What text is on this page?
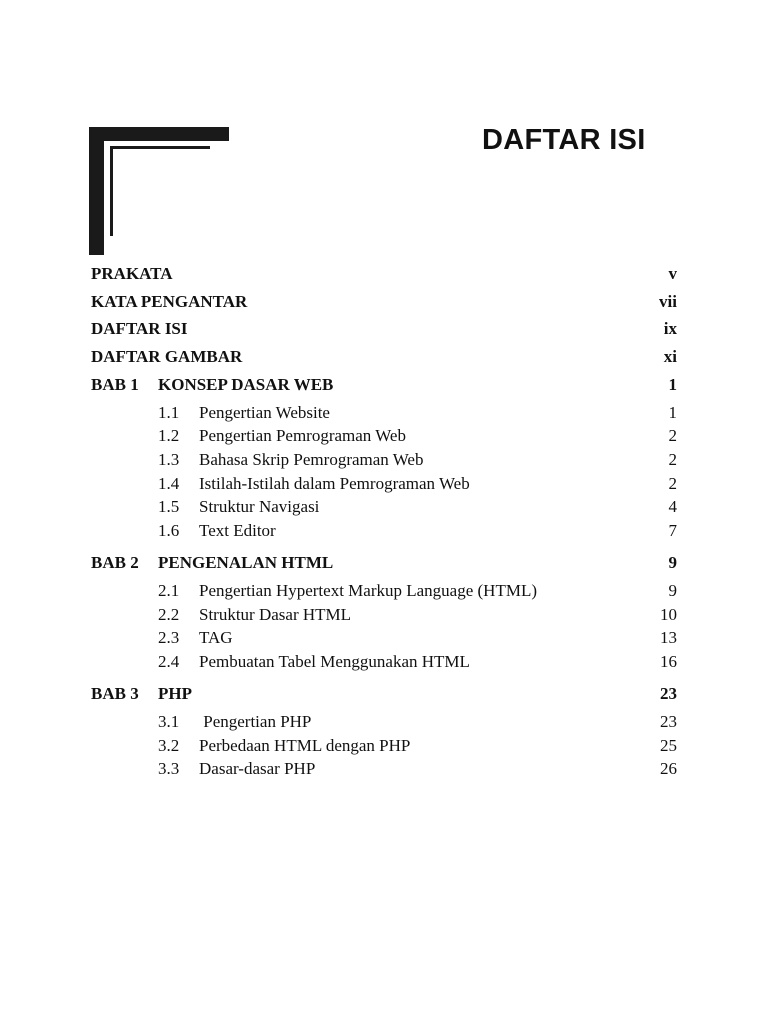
DAFTAR ISI
PRAKATA	v
KATA PENGANTAR	vii
DAFTAR ISI	ix
DAFTAR GAMBAR	xi
BAB 1 KONSEP DASAR WEB	1
1.1 Pengertian Website	1
1.2 Pengertian Pemrograman Web	2
1.3 Bahasa Skrip Pemrograman Web	2
1.4 Istilah-Istilah dalam Pemrograman Web	2
1.5 Struktur Navigasi	4
1.6 Text Editor	7
BAB 2 PENGENALAN HTML	9
2.1 Pengertian Hypertext Markup Language (HTML)	9
2.2 Struktur Dasar HTML	10
2.3 TAG	13
2.4 Pembuatan Tabel Menggunakan HTML	16
BAB 3 PHP	23
3.1 Pengertian PHP	23
3.2 Perbedaan HTML dengan PHP	25
3.3 Dasar-dasar PHP	26
